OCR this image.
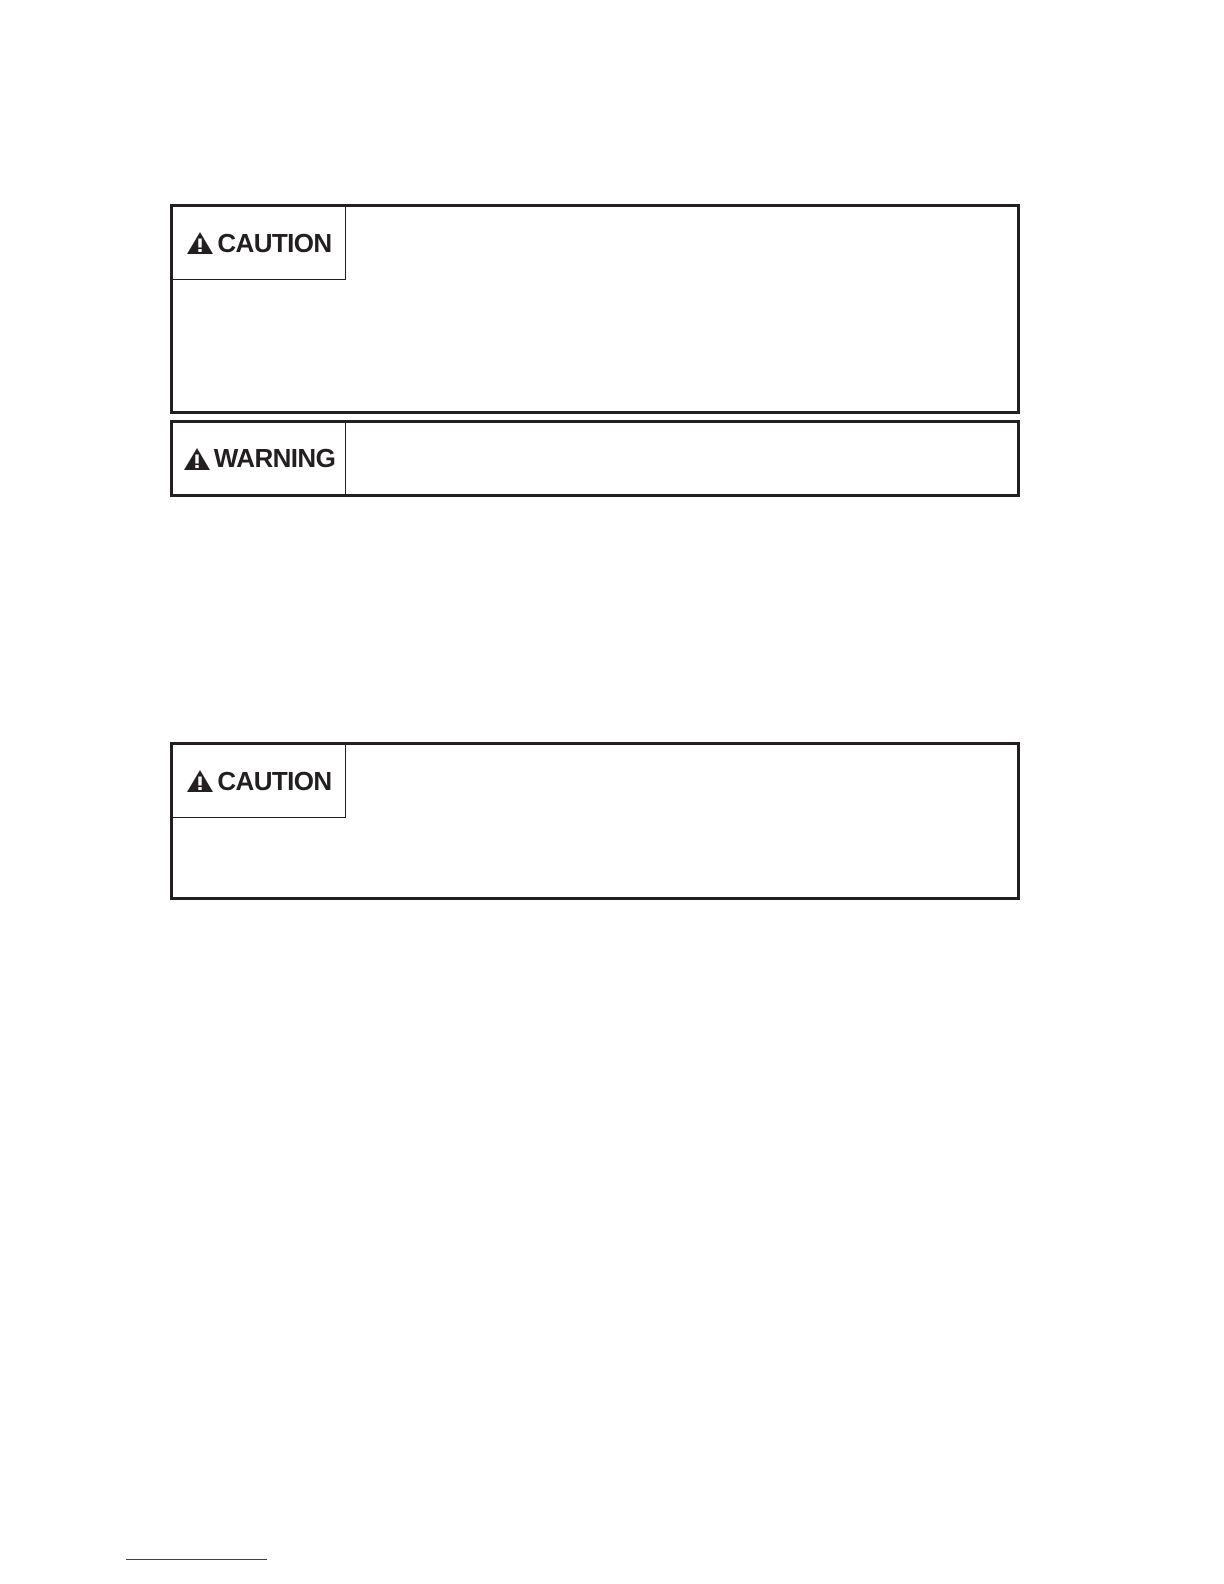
CAUTION
WARNING
CAUTION
